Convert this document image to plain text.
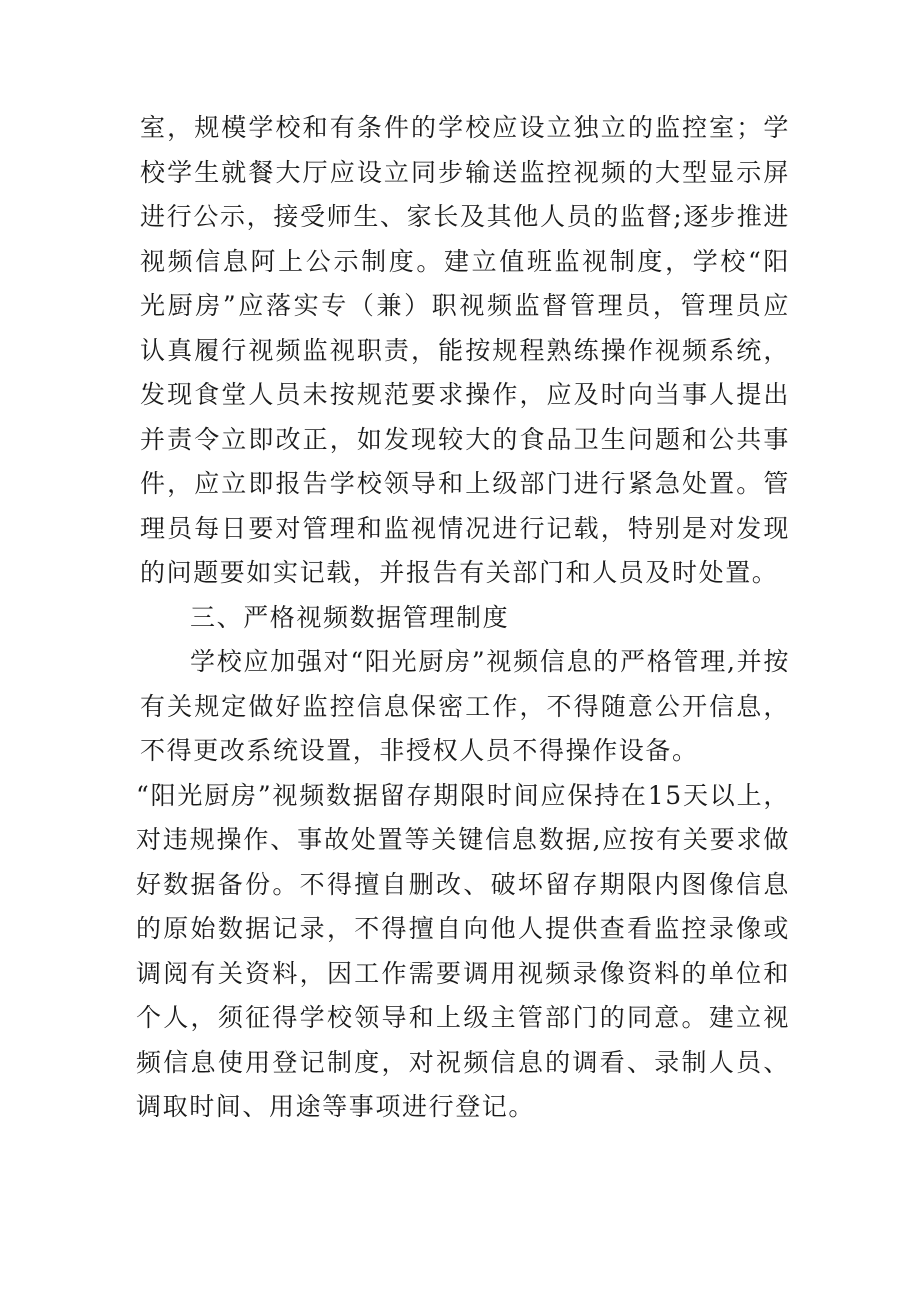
室，规模学校和有条件的学校应设立独立的监控室；学校学生就餐大厅应设立同步输送监控视频的大型显示屏进行公示，接受师生、家长及其他人员的监督;逐步推进视频信息阿上公示制度。建立值班监视制度，学校“阳光厨房”应落实专（兼）职视频监督管理员，管理员应认真履行视频监视职责，能按规程熟练操作视频系统，发现食堂人员未按规范要求操作，应及时向当事人提出并责令立即改正，如发现较大的食品卫生问题和公共事件，应立即报告学校领导和上级部门进行紧急处置。管理员每日要对管理和监视情况进行记载，特别是对发现的问题要如实记载，并报告有关部门和人员及时处置。

三、严格视频数据管理制度

学校应加强对“阳光厨房”视频信息的严格管理,并按有关规定做好监控信息保密工作，不得随意公开信息，不得更改系统设置，非授权人员不得操作设备。

“阳光厨房”视频数据留存期限时间应保持在15天以上，对违规操作、事故处置等关键信息数据,应按有关要求做好数据备份。不得擅自删改、破坏留存期限内图像信息的原始数据记录，不得擅自向他人提供查看监控录像或调阅有关资料，因工作需要调用视频录像资料的单位和个人，须征得学校领导和上级主管部门的同意。建立视频信息使用登记制度，对祝频信息的调看、录制人员、调取时间、用途等事项进行登记。
